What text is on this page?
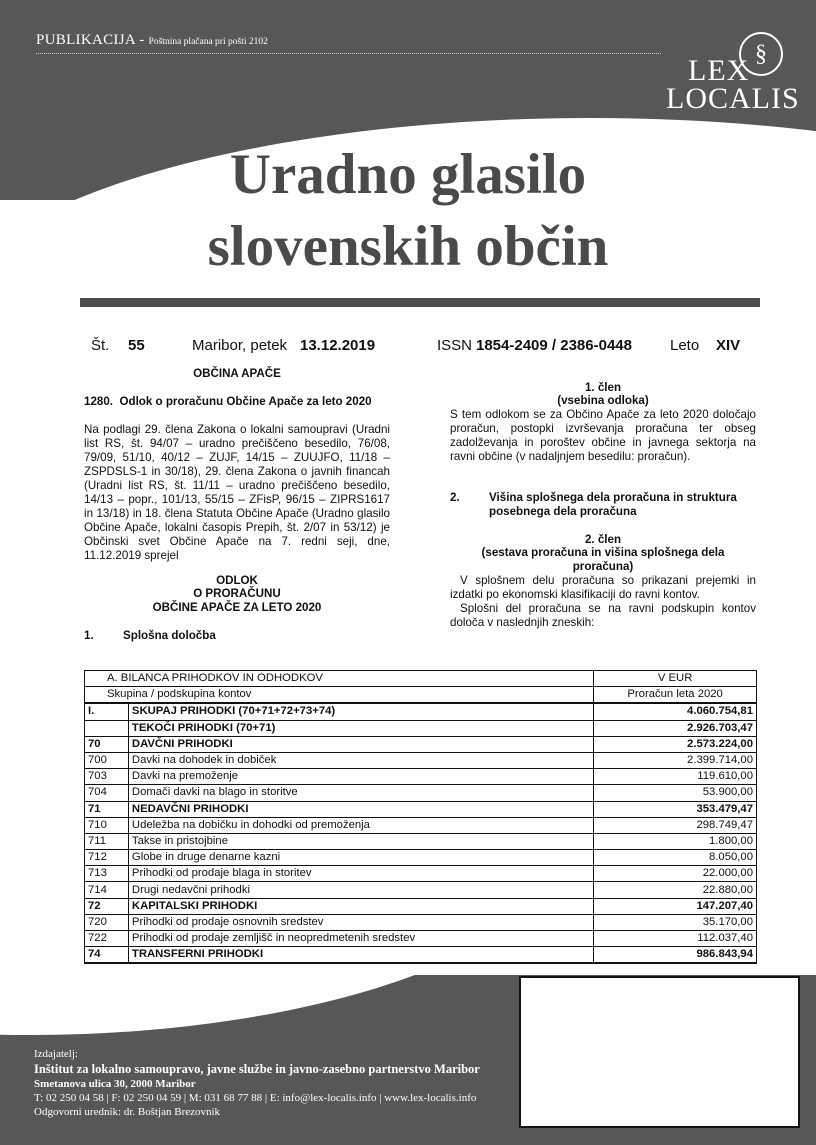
PUBLIKACIJA - Poštnina plačana pri pošti 2102	§
LEX
LOCALIS
Uradno glasilo
slovenskih občin
Št. 55	Maribor, petek 13.12.2019	ISSN 1854-2409 / 2386-0448	Leto XIV
OBČINA APAČE
1280. Odlok o proračunu Občine Apače za leto 2020
Na podlagi 29. člena Zakona o lokalni samoupravi (Uradni list RS, št. 94/07 – uradno prečiščeno besedilo, 76/08, 79/09, 51/10, 40/12 – ZUJF, 14/15 – ZUUJFO, 11/18 – ZSPDSLS-1 in 30/18), 29. člena Zakona o javnih financah (Uradni list RS, št. 11/11 – uradno prečiščeno besedilo, 14/13 – popr., 101/13, 55/15 – ZFisP, 96/15 – ZIPRS1617 in 13/18) in 18. člena Statuta Občine Apače (Uradno glasilo Občine Apače, lokalni časopis Prepih, št. 2/07 in 53/12) je Občinski svet Občine Apače na 7. redni seji, dne, 11.12.2019 sprejel
ODLOK
O PRORAČUNU
OBČINE APAČE ZA LETO 2020
1.	Splošna določba
1. člen
(vsebina odloka)
S tem odlokom se za Občino Apače za leto 2020 določajo proračun, postopki izvrševanja proračuna ter obseg zadolževanja in poroštev občine in javnega sektorja na ravni občine (v nadaljnjem besedilu: proračun).
2.	Višina splošnega dela proračuna in struktura posebnega dela proračuna
2. člen
(sestava proračuna in višina splošnega dela proračuna)
V splošnem delu proračuna so prikazani prejemki in izdatki po ekonomski klasifikaciji do ravni kontov.
Splošni del proračuna se na ravni podskupin kontov določa v naslednjih zneskih:
A. BILANCA PRIHODKOV IN ODHODKOV		V EUR
Skupina / podskupina kontov		Proračun leta 2020
I.	SKUPAJ PRIHODKI (70+71+72+73+74)	4.060.754,81
	TEKOČI PRIHODKI (70+71)	2.926.703,47
70	DAVČNI PRIHODKI	2.573.224,00
700	Davki na dohodek in dobiček	2.399.714,00
703	Davki na premoženje	119.610,00
704	Domači davki na blago in storitve	53.900,00
71	NEDAVČNI PRIHODKI	353.479,47
710	Udeležba na dobičku in dohodki od premoženja	298.749,47
711	Takse in pristojbine	1.800,00
712	Globe in druge denarne kazni	8.050,00
713	Prihodki od prodaje blaga in storitev	22.000,00
714	Drugi nedavčni prihodki	22.880,00
72	KAPITALSKI PRIHODKI	147.207,40
720	Prihodki od prodaje osnovnih sredstev	35.170,00
722	Prihodki od prodaje zemljišč in neopredmetenih sredstev	112.037,40
74	TRANSFERNI PRIHODKI	986.843,94
Izdajatelj:
Inštitut za lokalno samoupravo, javne službe in javno-zasebno partnerstvo Maribor
Smetanova ulica 30, 2000 Maribor
T: 02 250 04 58 | F: 02 250 04 59 | M: 031 68 77 88 | E: info@lex-localis.info | www.lex-localis.info
Odgovorni urednik: dr. Boštjan Brezovnik
